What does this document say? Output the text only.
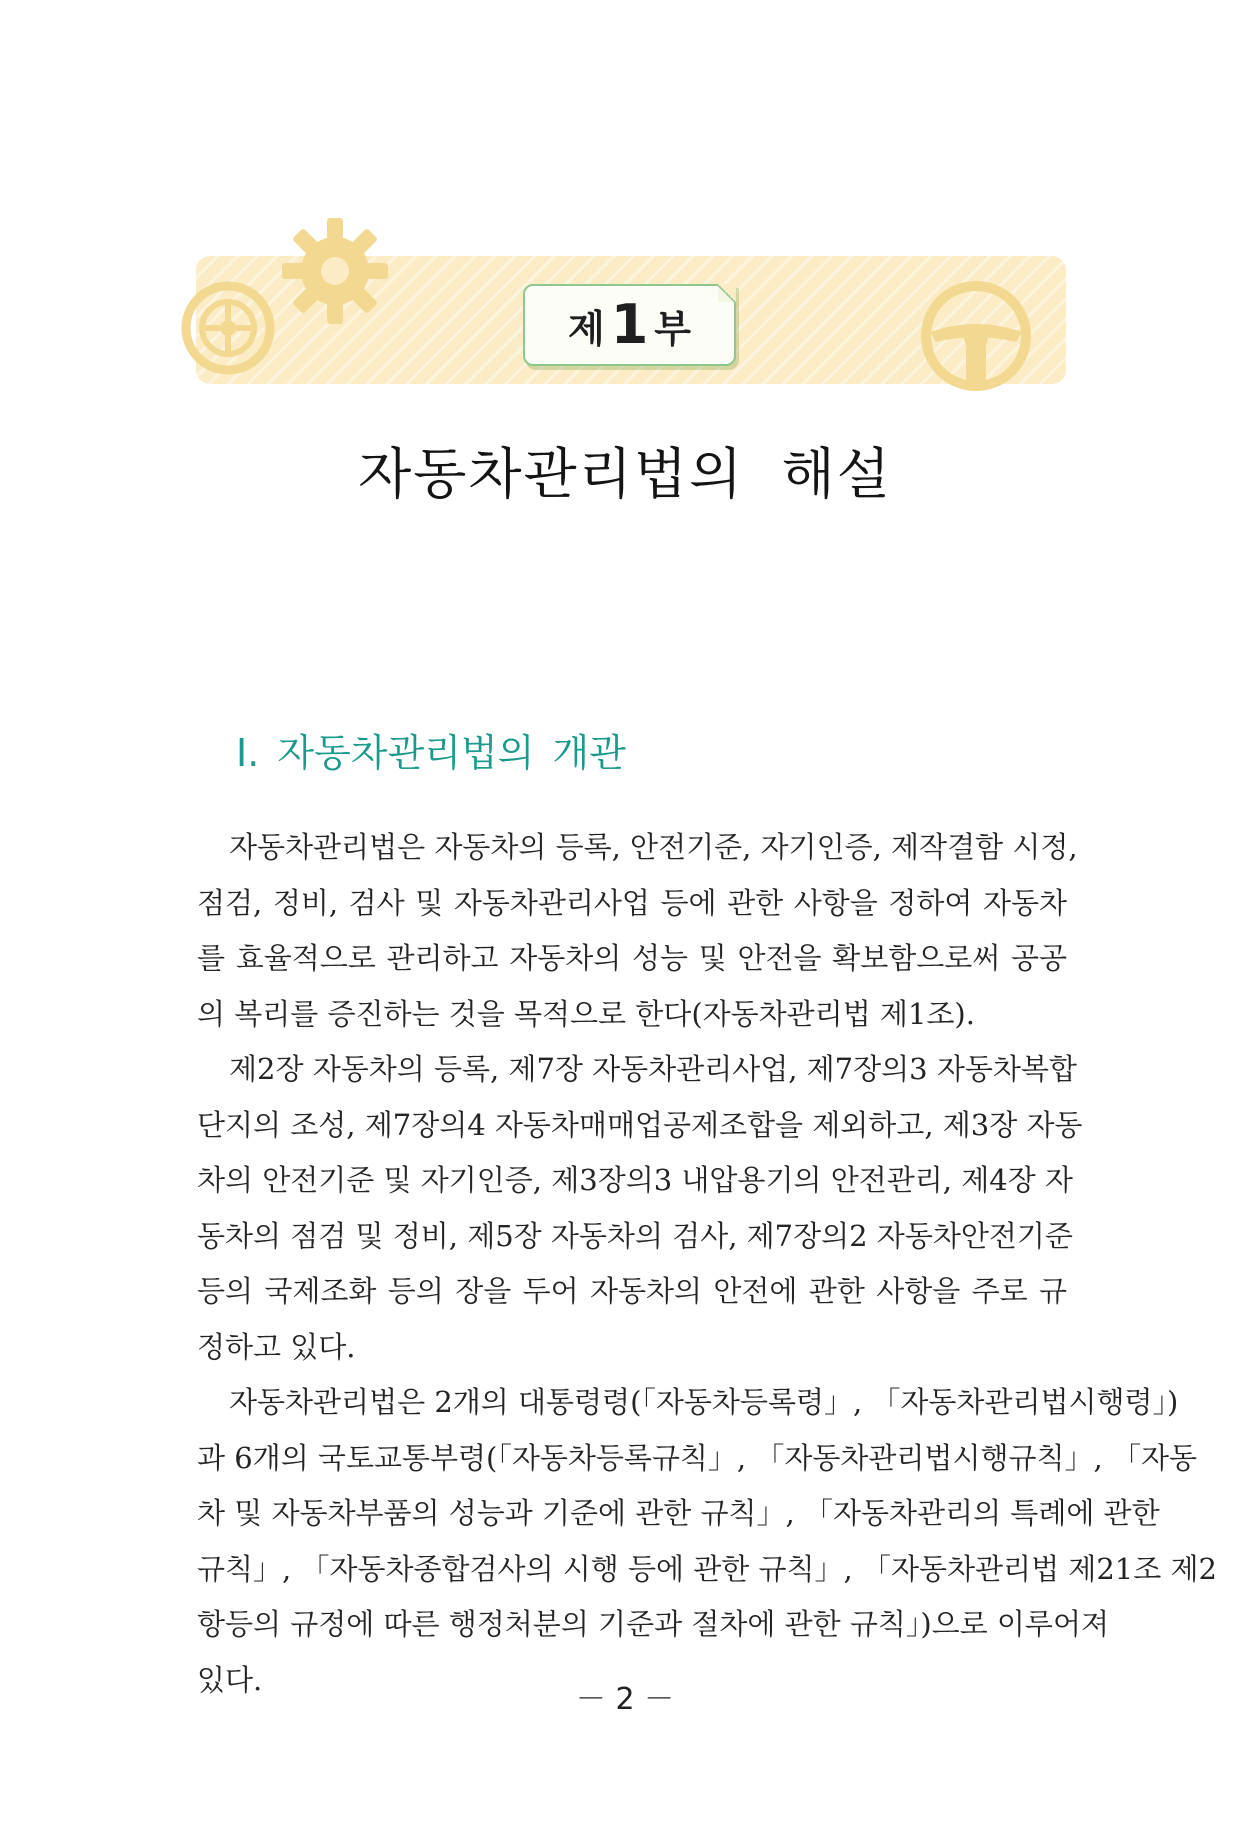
제 1 부
자동차관리법의 해설
Ⅰ. 자동차관리법의 개관
자동차관리법은 자동차의 등록, 안전기준, 자기인증, 제작결함 시정,
점검, 정비, 검사 및 자동차관리사업 등에 관한 사항을 정하여 자동차
를 효율적으로 관리하고 자동차의 성능 및 안전을 확보함으로써 공공
의 복리를 증진하는 것을 목적으로 한다(자동차관리법 제1조).
제2장 자동차의 등록, 제7장 자동차관리사업, 제7장의3 자동차복합
단지의 조성, 제7장의4 자동차매매업공제조합을 제외하고, 제3장 자동
차의 안전기준 및 자기인증, 제3장의3 내압용기의 안전관리, 제4장 자
동차의 점검 및 정비, 제5장 자동차의 검사, 제7장의2 자동차안전기준
등의 국제조화 등의 장을 두어 자동차의 안전에 관한 사항을 주로 규
정하고 있다.
자동차관리법은 2개의 대통령령(「자동차등록령」, 「자동차관리법시행령」)
과 6개의 국토교통부령(「자동차등록규칙」, 「자동차관리법시행규칙」, 「자동
차 및 자동차부품의 성능과 기준에 관한 규칙」, 「자동차관리의 특례에 관한
규칙」, 「자동차종합검사의 시행 등에 관한 규칙」, 「자동차관리법 제21조 제2
항등의 규정에 따른 행정처분의 기준과 절차에 관한 규칙」)으로 이루어져
있다.
－ 2 －
